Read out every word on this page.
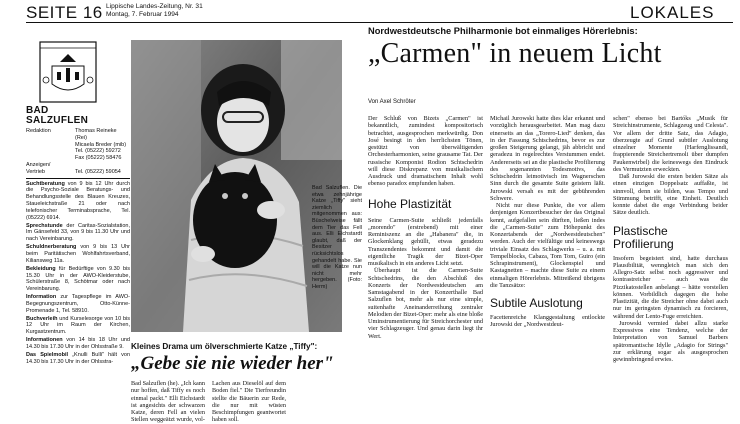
SEITE 16 Lippische Landes-Zeitung, Nr. 31
Montag, 7. Februar 1994	LOKALES
BAD
SALZUFLEN
Redaktion	Thomas Reineke (Rei)
Micaela Breder (mib)
Tel. (05222) 59272
Fax (05222) 58476
Anzeigen/
Vertrieb	Tel. (05222) 59054

Suchtberatung von 9 bis 12 Uhr durch die Psycho-Soziale Beratungs- und Behandlungsstelle des Blauen Kreuzes, Staueleichstraße 21 oder nach telefonischer Terminabsprache, Tel. (05222) 6914.

Sprechstunde der Caritas-Sozialstation, Im Gänsefeld 33, von 9 bis 11.30 Uhr und nach Vereinbarung.

Schuldnerberatung von 9 bis 13 Uhr beim Paritätischen Wohlfahrtsverband, Kiliansweg 11a.

Bekleidung für Bedürftige von 9.30 bis 15.30 Uhr in der AWO-Kleiderstube, Schülerstraße 8, Schötmar oder nach Vereinbarung.

Information zur Tagespflege im AWO-Begegnungszentrum, Otto-Künne-Promenade 1, Tel. 58910.

Buchverleih und Kurselesorge von 10 bis 12 Uhr im Raum der Kirchen, Kurgastzentrum.

Informationen von 14 bis 18 Uhr und 14.30 bis 17.30 Uhr in der Ohlsstraße 9.

Das Spielmobil „Knulli Bulli" hält von 14.30 bis 17.30 Uhr in der Ohlsstra-

Bad Salzuflen. Die etwa zehnjährige Katze „Tiffy" sieht ziemlich mitgenommen aus: Büschelweise fällt dem Tier das Fell aus. Elli Eichstardt glaubt, daß der Besitzer rücksichtslos gehandelt habe. Sie will die Katze nun nicht mehr hergeben. (Foto: Herm)
Kleines Drama um ölverschmierte Katze „Tiffy":
„Gebe sie nie wieder her"
Bad Salzuflen (he). „Ich kann nur hoffen, daß Tiffy es noch einmal packt." Elli Eichstardt ist angesichts der schwarzen Katze, deren Fell an vielen Stellen weggeätzt wurde, vol-
Lachen aus Dieselöl auf dem Boden fiel." Die Tierfreundin stellte die Bäuerin zur Rede, die nur mit wüsten Beschimpfungen geantwortet haben soll.
Nordwestdeutsche Philharmonie bot einmaliges Hörerlebnis:
„Carmen" in neuem Licht
Von Axel Schröter

Der Schluß von Bizets „Carmen" ist bekanntlich, zumindest kompositorisch betrachtet, ausgesprochen merkwürdig. Don José besingt in den herrlichsten Tönen, gestützt von überwältigenden Orchesterharmonien, seine grausame Tat. Der russische Komponist Rodion Schtschedrin will diese Diskrepanz von musikalischem Ausdruck und dramatischem Inhalt wohl ebenso paradox empfunden haben.

Hohe Plastizität

Seine Carmen-Suite schließt jedenfalls „morendo" (erstrebend) mit einer Reminiszenz an die „Habanera" die, in Glockenklang gehüllt, etwas geradezu Transzendentes bekommt und damit die eigentliche Tragik der Bizet-Oper musikalisch in ein anderes Licht setzt.

Überhaupt ist die Carmen-Suite Schtschedrins, die den Abschluß des Konzerts der Nordwestdeutschen am Samstagabend in der Konzerthalle Bad Salzuflen bot, mehr als nur eine simple, suitenhafte Aneinanderreihung zentraler Melodien der Bizet-Oper: mehr als eine bloße Uminstrumentierung für Streichorchester und vier Schlagzeuger. Und genau darin liegt ihr Wert.

Michail Jurowski hatte dies klar erkannt und vorzüglich herausgearbeitet. Man mag dazu einerseits an das „Torero-Lied" denken, das in der Fassung Schtschedrins, bevor es zur großen Steigerung gelangt, jäh abbricht und geradezu in regelrechtes Verstummen endet. Andererseits sei an die plastische Profilierung des sogenannten Todesmotivs, das Schtschedrin leimotivisch im Wagnerschen Sinn durch die gesamte Suite geistern läßt. Jurowski versah es mit der gebührenden Schwere.

Nicht nur diese Punkte, die vor allem denjenigen Konzertbesucher der das Original kennt, aufgefallen sein dürften, ließen indes die „Carmen-Suite" zum Höhepunkt des Konzertabends der „Nordwestdeutschen" werden. Auch der vielfältige und keineswegs triviale Einsatz des Schlagwerks – u. a. mit Tempelblocks, Cabaza, Tom Tom, Guiro (ein Schrapinstrument), Glockenspiel und Kastagnetten – machte diese Suite zu einem einmaligen Hörerlebnis. Mitreißend übrigens die Tanzsätze:

Subtile Auslotung

Facettenreiche Klanggestaltung entlockte Jurowski der „Nordwestdeut-

schen" ebenso bei Bartóks „Musik für Streichinstrumente, Schlagzeug und Celesta". Vor allem der dritte Satz, das Adagio, überzeugte auf Grund subtiler Auslotung einzelner Momente (Harfenglissandi, frappierende Streichertremoli über dumpfen Paukenwirbel) die keineswegs den Eindruck des Vermutzten erweckten.

Daß Jurowski die ersten beiden Sätze als einen einzigen Doppelsatz auffaßte, ist sinnvoll, denn sie bilden, was Tempo und Stimmung betrifft, eine Einheit. Deutlich konnte dabei die enge Verbindung beider Sätze deutlich.

Plastische Profilierung

Insofern begeistert sind, hatte durchaus Plausibilität, wenngleich man sich den Allegro-Satz selbst noch aggressiver und kontrastreicher – auch was die Pizzikatostellen anbelangt – hätte vorstellen können. Vorbildlich dagegen die hohe Plastizität, die die Streicher ohne dabei auch nur im geringsten dynamisch zu forcieren, während der Lento-Fuge erreichten.

Jurowski vermied dabei allzu starke Expressivos eine Tendenz, welche der Interpretation von Samuel Barbers spätromantische Idylle „Adagio for Strings" zur erklärung sogar als ausgesprochen gewinnbringend erwies.
